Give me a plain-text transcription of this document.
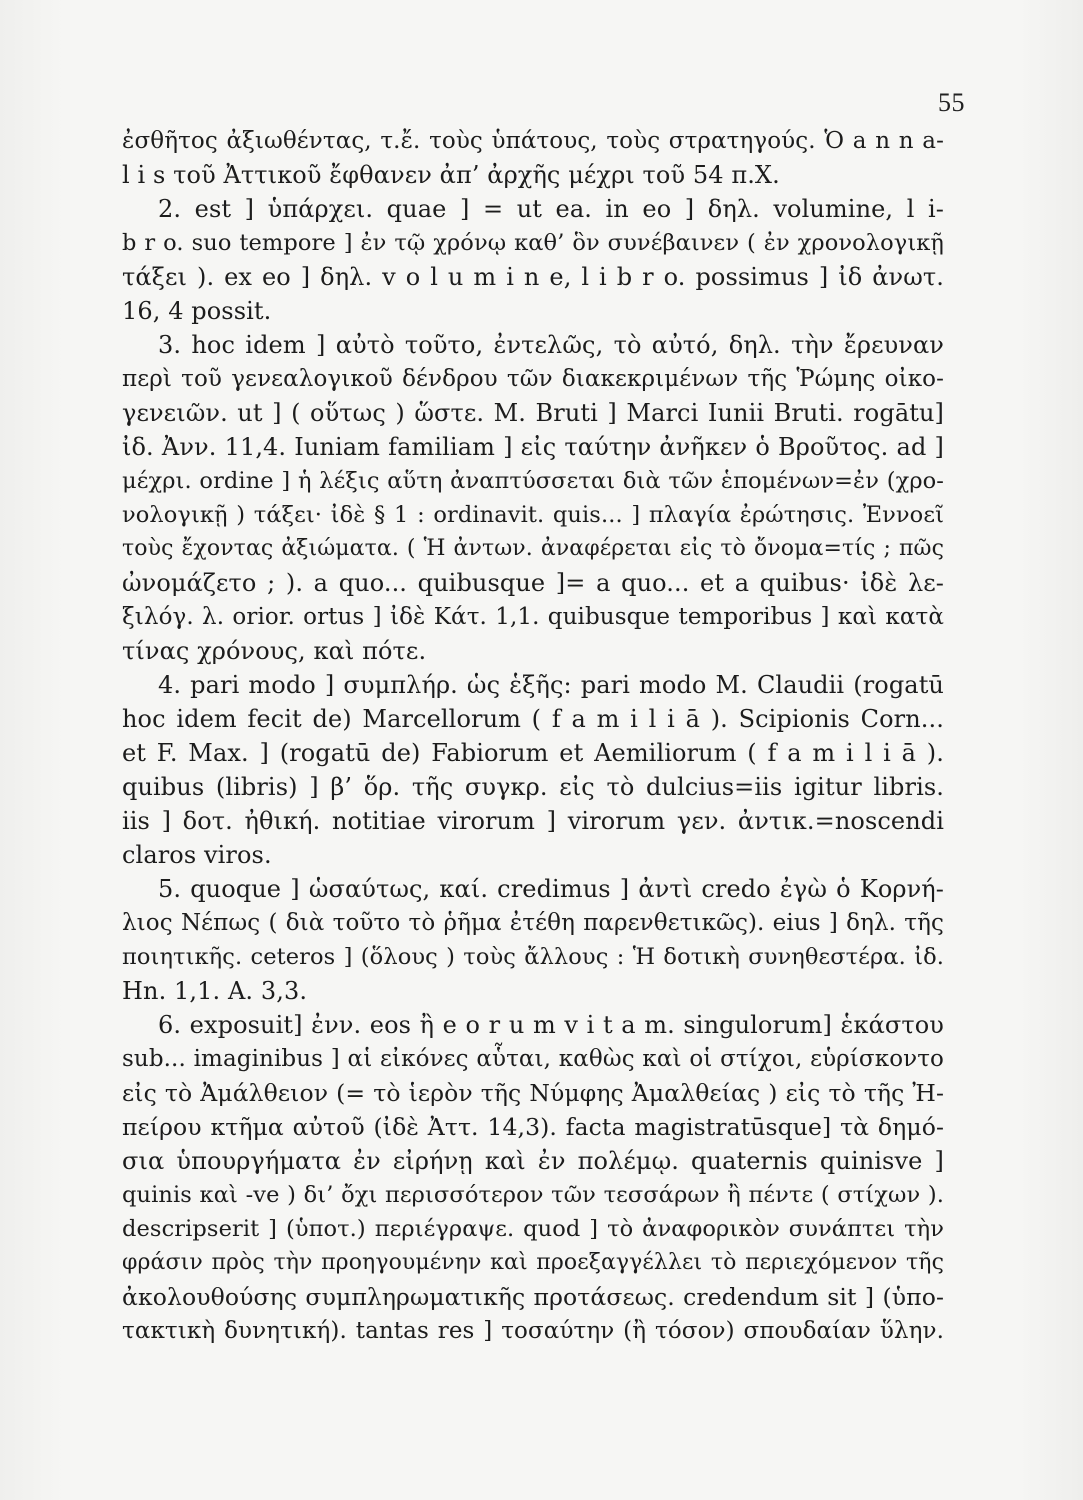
55
ἐσθῆτος ἀξιωθέντας, τ.ἔ. τοὺς ὑπάτους, τοὺς στρατηγούς. Ὁ a n n a-
l i s τοῦ Ἀττικοῦ ἔφθανεν ἀπ’ ἀρχῆς μέχρι τοῦ 54 π.Χ.
2. est ] ὑπάρχει. quae ] = ut ea. in eo ] δηλ. volumine, l i-
b r o. suo tempore ] ἐν τῷ χρόνῳ καθ’ ὃν συνέβαινεν ( ἐν χρονολογικῇ
τάξει ). ex eo ] δηλ. v o l u m i n e, l i b r o. possimus ] ἰδ ἀνωτ.
16, 4 possit.
3. hoc idem ] αὐτὸ τοῦτο, ἐντελῶς, τὸ αὐτό, δηλ. τὴν ἔρευναν
περὶ τοῦ γενεαλογικοῦ δένδρου τῶν διακεκριμένων τῆς Ῥώμης οἰκο-
γενειῶν. ut ] ( οὕτως ) ὥστε. M. Bruti ] Marci Iunii Bruti. rogātu]
ἰδ. Ἀνν. 11,4. Iuniam familiam ] εἰς ταύτην ἀνῆκεν ὁ Βροῦτος. ad ]
μέχρι. ordine ] ἡ λέξις αὕτη ἀναπτύσσεται διὰ τῶν ἑπομένων=ἐν (χρο-
νολογικῇ ) τάξει· ἰδὲ § 1 : ordinavit. quis... ] πλαγία ἐρώτησις. Ἐννοεῖ
τοὺς ἔχοντας ἀξιώματα. ( Ἡ ἀντων. ἀναφέρεται εἰς τὸ ὄνομα=τίς ; πῶς
ὠνομάζετο ; ). a quo... quibusque ]= a quo... et a quibus· ἰδὲ λε-
ξιλόγ. λ. orior. ortus ] ἰδὲ Κάτ. 1,1. quibusque temporibus ] καὶ κατὰ
τίνας χρόνους, καὶ πότε.
4. pari modo ] συμπλήρ. ὡς ἑξῆς: pari modo M. Claudii (rogatū
hoc idem fecit de) Marcellorum ( f a m i l i ā ). Scipionis Corn...
et F. Max. ] (rogatū de) Fabiorum et Aemiliorum ( f a m i l i ā ).
quibus (libris) ] β’ ὅρ. τῆς συγκρ. εἰς τὸ dulcius=iis igitur libris.
iis ] δοτ. ἠθική. notitiae virorum ] virorum γεν. ἀντικ.=noscendi
claros viros.
5. quoque ] ὡσαύτως, καί. credimus ] ἀντὶ credo ἐγὼ ὁ Κορνή-
λιος Νέπως ( διὰ τοῦτο τὸ ῥῆμα ἐτέθη παρενθετικῶς). eius ] δηλ. τῆς
ποιητικῆς. ceteros ] (ὅλους ) τοὺς ἄλλους : Ἡ δοτικὴ συνηθεστέρα. ἰδ.
Hn. 1,1. A. 3,3.
6. exposuit] ἐνν. eos ἢ e o r u m v i t a m. singulorum] ἑκάστου
sub... imaginibus ] αἱ εἰκόνες αὗται, καθὼς καὶ οἱ στίχοι, εὑρίσκοντο
εἰς τὸ Ἀμάλθειον (= τὸ ἱερὸν τῆς Νύμφης Ἀμαλθείας ) εἰς τὸ τῆς Ἠ-
πείρου κτῆμα αὐτοῦ (ἰδὲ Ἀττ. 14,3). facta magistratūsque] τὰ δημό-
σια ὑπουργήματα ἐν εἰρήνῃ καὶ ἐν πολέμῳ. quaternis quinisve ]
quinis καὶ -ve ) δι’ ὄχι περισσότερον τῶν τεσσάρων ἢ πέντε ( στίχων ).
descripserit ] (ὑποτ.) περιέγραψε. quod ] τὸ ἀναφορικὸν συνάπτει τὴν
φράσιν πρὸς τὴν προηγουμένην καὶ προεξαγγέλλει τὸ περιεχόμενον τῆς
ἀκολουθούσης συμπληρωματικῆς προτάσεως. credendum sit ] (ὑπο-
τακτικὴ δυνητική). tantas res ] τοσαύτην (ἢ τόσον) σπουδαίαν ὕλην.
